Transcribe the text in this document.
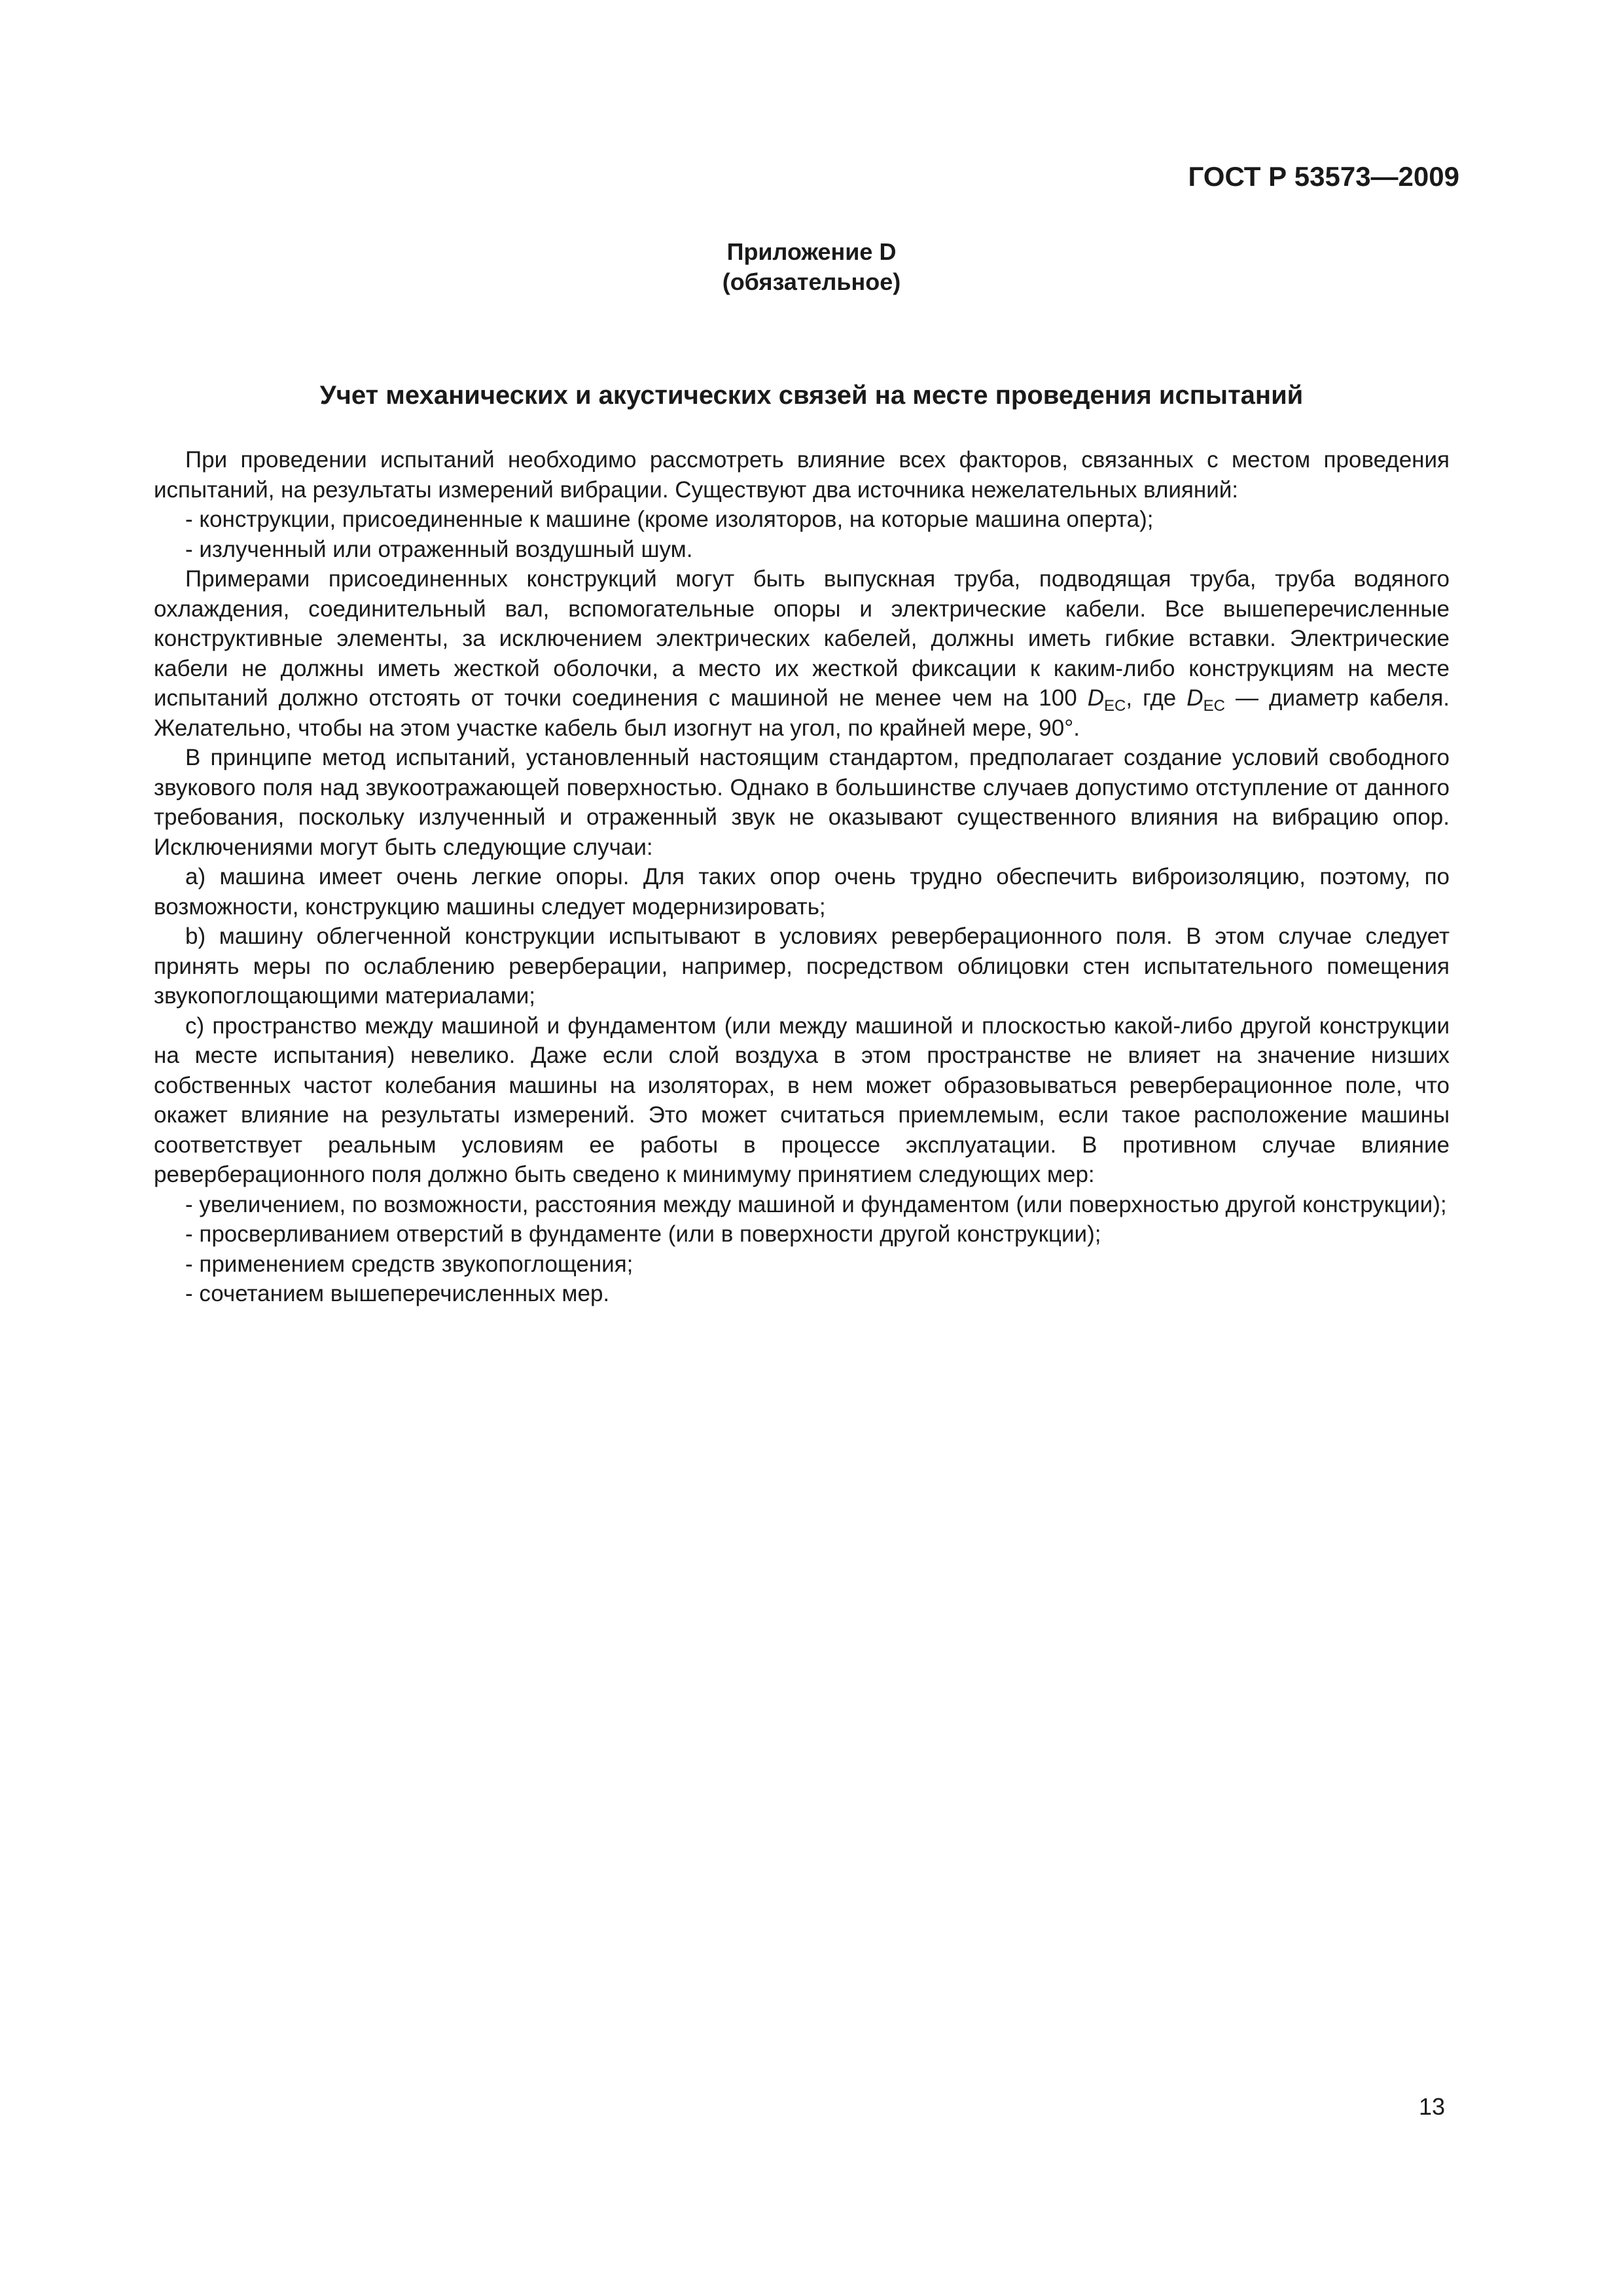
ГОСТ Р 53573—2009
Приложение D
(обязательное)
Учет механических и акустических связей на месте проведения испытаний

При проведении испытаний необходимо рассмотреть влияние всех факторов, связанных с местом проведения испытаний, на результаты измерений вибрации. Существуют два источника нежелательных влияний:

- конструкции, присоединенные к машине (кроме изоляторов, на которые машина оперта);

- излученный или отраженный воздушный шум.

Примерами присоединенных конструкций могут быть выпускная труба, подводящая труба, труба водяного охлаждения, соединительный вал, вспомогательные опоры и электрические кабели. Все вышеперечисленные конструктивные элементы, за исключением электрических кабелей, должны иметь гибкие вставки. Электрические кабели не должны иметь жесткой оболочки, а место их жесткой фиксации к каким-либо конструкциям на месте испытаний должно отстоять от точки соединения с машиной не менее чем на 100 $D_{EC}$, где $D_{EC}$ — диаметр кабеля. Желательно, чтобы на этом участке кабель был изогнут на угол, по крайней мере, 90°.

В принципе метод испытаний, установленный настоящим стандартом, предполагает создание условий свободного звукового поля над звукоотражающей поверхностью. Однако в большинстве случаев допустимо отступление от данного требования, поскольку излученный и отраженный звук не оказывают существенного влияния на вибрацию опор. Исключениями могут быть следующие случаи:

a) машина имеет очень легкие опоры. Для таких опор очень трудно обеспечить виброизоляцию, поэтому, по возможности, конструкцию машины следует модернизировать;

b) машину облегченной конструкции испытывают в условиях реверберационного поля. В этом случае следует принять меры по ослаблению реверберации, например, посредством облицовки стен испытательного помещения звукопоглощающими материалами;

c) пространство между машиной и фундаментом (или между машиной и плоскостью какой-либо другой конструкции на месте испытания) невелико. Даже если слой воздуха в этом пространстве не влияет на значение низших собственных частот колебания машины на изоляторах, в нем может образовываться реверберационное поле, что окажет влияние на результаты измерений. Это может считаться приемлемым, если такое расположение машины соответствует реальным условиям ее работы в процессе эксплуатации. В противном случае влияние реверберационного поля должно быть сведено к минимуму принятием следующих мер:

- увеличением, по возможности, расстояния между машиной и фундаментом (или поверхностью другой конструкции);

- просверливанием отверстий в фундаменте (или в поверхности другой конструкции);

- применением средств звукопоглощения;

- сочетанием вышеперечисленных мер.

13
